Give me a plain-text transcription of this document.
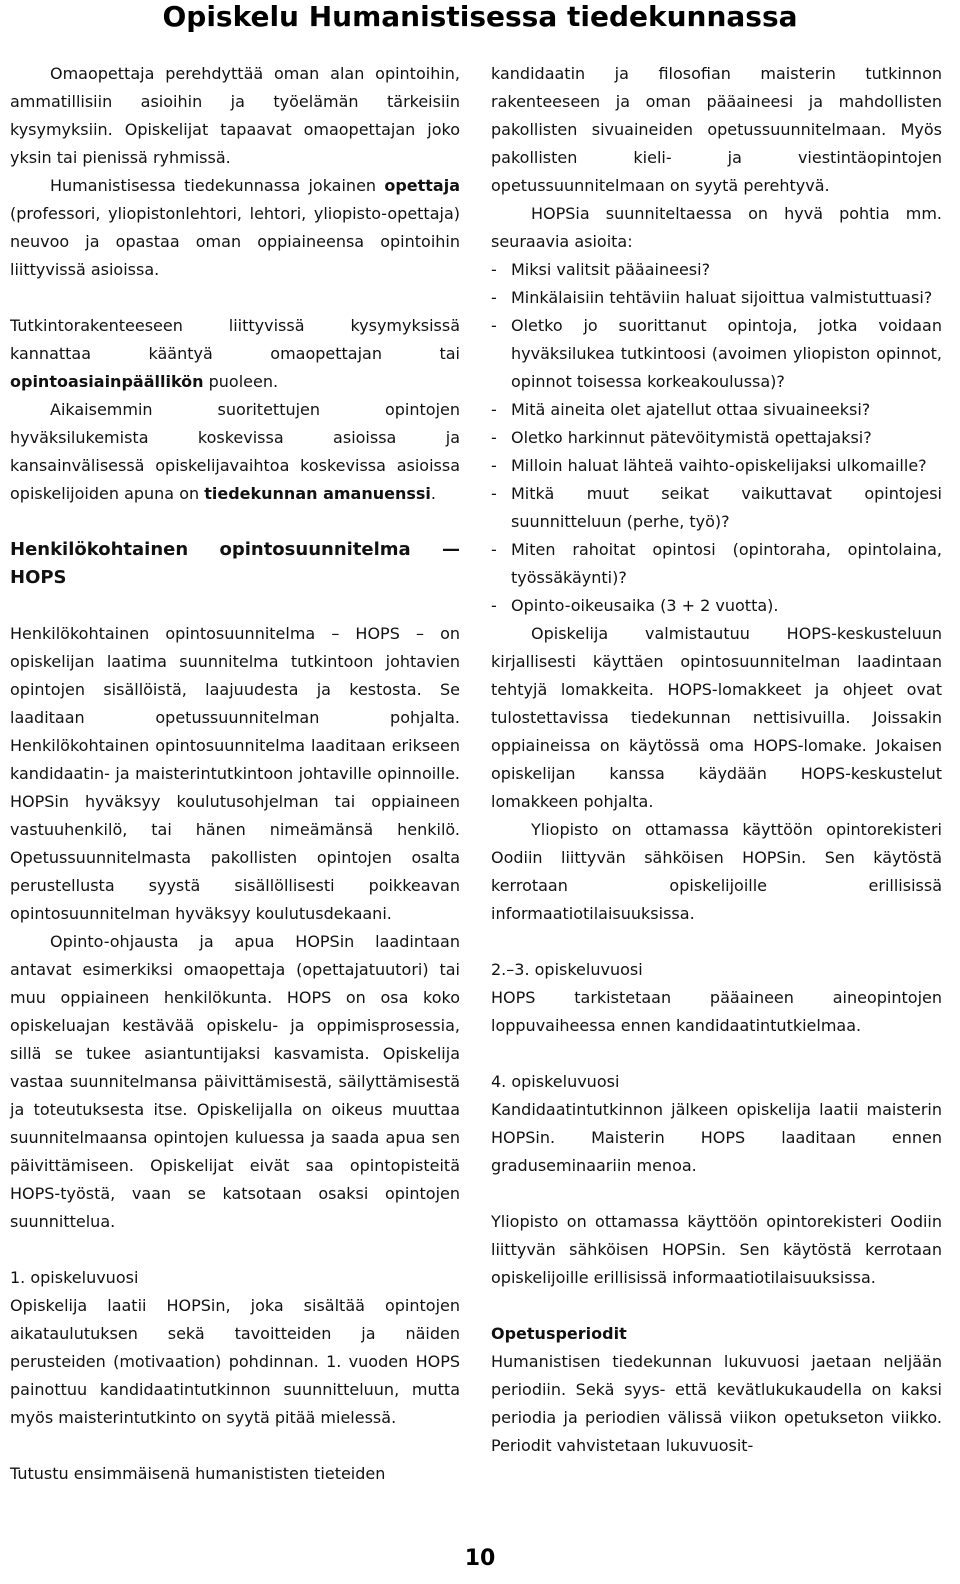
Opiskelu Humanistisessa tiedekunnassa

Omaopettaja perehdyttää oman alan opintoihin, ammatillisiin asioihin ja työelämän tärkeisiin kysymyksiin. Opiskelijat tapaavat omaopettajan joko yksin tai pienissä ryhmissä.

Humanistisessa tiedekunnassa jokainen opettaja (professori, yliopistonlehtori, lehtori, yliopisto-opettaja) neuvoo ja opastaa oman oppiaineensa opintoihin liittyvissä asioissa.

Tutkintorakenteeseen liittyvissä kysymyksissä kannattaa kääntyä omaopettajan tai opintoasiainpäällikön puoleen.

Aikaisemmin suoritettujen opintojen hyväksilukemista koskevissa asioissa ja kansainvälisessä opiskelijavaihtoa koskevissa asioissa opiskelijoiden apuna on tiedekunnan amanuenssi.

Henkilökohtainen opintosuunnitelma — HOPS

Henkilökohtainen opintosuunnitelma – HOPS – on opiskelijan laatima suunnitelma tutkintoon johtavien opintojen sisällöistä, laajuudesta ja kestosta. Se laaditaan opetussuunnitelman pohjalta. Henkilökohtainen opintosuunnitelma laaditaan erikseen kandidaatin- ja maisterintutkintoon johtaville opinnoille. HOPSin hyväksyy koulutusohjelman tai oppiaineen vastuuhenkilö, tai hänen nimeämänsä henkilö. Opetussuunnitelmasta pakollisten opintojen osalta perustellusta syystä sisällöllisesti poikkeavan opintosuunnitelman hyväksyy koulutusdekaani.

Opinto-ohjausta ja apua HOPSin laadintaan antavat esimerkiksi omaopettaja (opettajatuutori) tai muu oppiaineen henkilökunta. HOPS on osa koko opiskeluajan kestävää opiskelu- ja oppimisprosessia, sillä se tukee asiantuntijaksi kasvamista. Opiskelija vastaa suunnitelmansa päivittämisestä, säilyttämisestä ja toteutuksesta itse. Opiskelijalla on oikeus muuttaa suunnitelmaansa opintojen kuluessa ja saada apua sen päivittämiseen. Opiskelijat eivät saa opintopisteitä HOPS-työstä, vaan se katsotaan osaksi opintojen suunnittelua.

1. opiskeluvuosi

Opiskelija laatii HOPSin, joka sisältää opintojen aikataulutuksen sekä tavoitteiden ja näiden perusteiden (motivaation) pohdinnan. 1. vuoden HOPS painottuu kandidaatintutkinnon suunnitteluun, mutta myös maisterintutkinto on syytä pitää mielessä.

Tutustu ensimmäisenä humanististen tieteiden

kandidaatin ja filosofian maisterin tutkinnon rakenteeseen ja oman pääaineesi ja mahdollisten pakollisten sivuaineiden opetussuunnitelmaan. Myös pakollisten kieli- ja viestintäopintojen opetussuunnitelmaan on syytä perehtyvä.

HOPSia suunniteltaessa on hyvä pohtia mm. seuraavia asioita:

- Miksi valitsit pääaineesi?
- Minkälaisiin tehtäviin haluat sijoittua valmistuttuasi?
- Oletko jo suorittanut opintoja, jotka voidaan hyväksilukea tutkintoosi (avoimen yliopiston opinnot, opinnot toisessa korkeakoulussa)?
- Mitä aineita olet ajatellut ottaa sivuaineeksi?
- Oletko harkinnut pätevöitymistä opettajaksi?
- Milloin haluat lähteä vaihto-opiskelijaksi ulkomaille?
- Mitkä muut seikat vaikuttavat opintojesi suunnitteluun (perhe, työ)?
- Miten rahoitat opintosi (opintoraha, opintolaina, työssäkäynti)?
- Opinto-oikeusaika (3 + 2 vuotta).

Opiskelija valmistautuu HOPS-keskusteluun kirjallisesti käyttäen opintosuunnitelman laadintaan tehtyjä lomakkeita. HOPS-lomakkeet ja ohjeet ovat tulostettavissa tiedekunnan nettisivuilla. Joissakin oppiaineissa on käytössä oma HOPS-lomake. Jokaisen opiskelijan kanssa käydään HOPS-keskustelut lomakkeen pohjalta.

Yliopisto on ottamassa käyttöön opintorekisteri Oodiin liittyvän sähköisen HOPSin. Sen käytöstä kerrotaan opiskelijoille erillisissä informaatiotilaisuuksissa.

2.–3. opiskeluvuosi

HOPS tarkistetaan pääaineen aineopintojen loppuvaiheessa ennen kandidaatintutkielmaa.

4. opiskeluvuosi

Kandidaatintutkinnon jälkeen opiskelija laatii maisterin HOPSin. Maisterin HOPS laaditaan ennen graduseminaariin menoa.

Yliopisto on ottamassa käyttöön opintorekisteri Oodiin liittyvän sähköisen HOPSin. Sen käytöstä kerrotaan opiskelijoille erillisissä informaatiotilaisuuksissa.

Opetusperiodit

Humanistisen tiedekunnan lukuvuosi jaetaan neljään periodiin. Sekä syys- että kevätlukukaudella on kaksi periodia ja periodien välissä viikon opetukseton viikko. Periodit vahvistetaan lukuvuosit-

10
